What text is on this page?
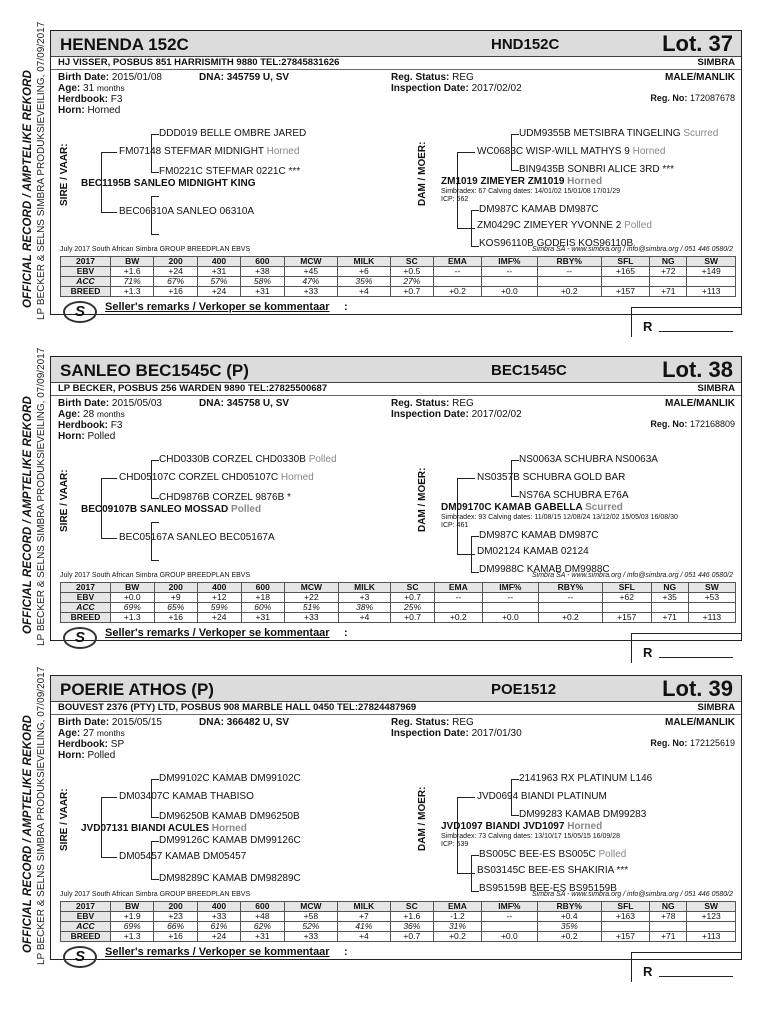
OFFICIAL RECORD / AMPTELIKE REKORD LP BECKER & SELNS SIMBRA PRODUKSIEVEILING, 07/09/2017 HENENDA 152C	HND152C	Lot. 37
HJ VISSER, POSBUS 851 HARRISMITH 9880 TEL:27845831626	SIMBRA
Birth Date: 2015/01/08	DNA: 345759 U, SV
Age: 31 months
Herdbook: F3
Horn: Horned
Reg. Status: REG
Inspection Date: 2017/02/02
MALE/MANLIK
Reg. No: 172087678
SIRE / VAAR:	DAM / MOER:
DDD019 BELLE OMBRE JARED
FM07148 STEFMAR MIDNIGHT Horned
FM0221C STEFMAR 0221C ***
BEC1195B SANLEO MIDNIGHT KING
BEC06310A SANLEO 06310A
UDM9355B METSIBRA TINGELING Scurred
WC0683C WISP-WILL MATHYS 9 Horned
BIN9435B SONBRI ALICE 3RD ***
ZM1019 ZIMEYER ZM1019 Horned
Simbradex: 67 Calving dates: 14/01/02 15/01/08 17/01/29
ICP: 562
DM987C KAMAB DM987C
ZM0429C ZIMEYER YVONNE 2 Polled
KOS96110B GODEIS KOS96110B
July 2017 South African Simbra GROUP BREEDPLAN EBVS	Simbra SA - www.simbra.org / info@simbra.org / 051 446 0580/2
2017	BW	200	400	600	MCW	MILK	SC	EMA	IMF%	RBY%	SFL	NG	SW
EBV	+1.6	+24	+31	+38	+45	+6	+0.5	--	--	--	+165	+72	+149
ACC	71%	67%	57%	58%	47%	35%	27%						
BREED	+1.3	+16	+24	+31	+33	+4	+0.7	+0.2	+0.0	+0.2	+157	+71	+113
S	Seller's remarks / Verkoper se kommentaar :
R
OFFICIAL RECORD / AMPTELIKE REKORD LP BECKER & SELNS SIMBRA PRODUKSIEVEILING, 07/09/2017 SANLEO BEC1545C (P)	BEC1545C	Lot. 38
LP BECKER, POSBUS 256 WARDEN 9890 TEL:27825500687	SIMBRA
Birth Date: 2015/05/03	DNA: 345758 U, SV
Age: 28 months
Herdbook: F3
Horn: Polled
Reg. Status: REG
Inspection Date: 2017/02/02
MALE/MANLIK
Reg. No: 172168809
SIRE / VAAR:	DAM / MOER:
CHD0330B CORZEL CHD0330B Polled
CHD05107C CORZEL CHD05107C Horned
CHD9876B CORZEL 9876B *
BEC09107B SANLEO MOSSAD Polled
BEC05167A SANLEO BEC05167A
NS0063A SCHUBRA NS0063A
NS0357B SCHUBRA GOLD BAR
NS76A SCHUBRA E76A
DM09170C KAMAB GABELLA Scurred
Simbradex: 93 Calving dates: 11/08/15 12/08/24 13/12/02 15/05/03 16/08/30
ICP: 461
DM987C KAMAB DM987C
DM02124 KAMAB 02124
DM9988C KAMAB DM9988C
July 2017 South African Simbra GROUP BREEDPLAN EBVS	Simbra SA - www.simbra.org / info@simbra.org / 051 446 0580/2
2017	BW	200	400	600	MCW	MILK	SC	EMA	IMF%	RBY%	SFL	NG	SW
EBV	+0.0	+9	+12	+18	+22	+3	+0.7	--	--	--	+62	+35	+53
ACC	69%	65%	59%	60%	51%	38%	25%						
BREED	+1.3	+16	+24	+31	+33	+4	+0.7	+0.2	+0.0	+0.2	+157	+71	+113
S	Seller's remarks / Verkoper se kommentaar :
R
OFFICIAL RECORD / AMPTELIKE REKORD LP BECKER & SELNS SIMBRA PRODUKSIEVEILING, 07/09/2017 POERIE ATHOS (P)	POE1512	Lot. 39
BOUVEST 2376 (PTY) LTD, POSBUS 908 MARBLE HALL 0450 TEL:27824487969	SIMBRA
Birth Date: 2015/05/15	DNA: 366482 U, SV
Age: 27 months
Herdbook: SP
Horn: Polled
Reg. Status: REG
Inspection Date: 2017/01/30
MALE/MANLIK
Reg. No: 172125619
SIRE / VAAR:	DAM / MOER:
DM99102C KAMAB DM99102C
DM03407C KAMAB THABISO
DM96250B KAMAB DM96250B
JVD07131 BIANDI ACULES Horned
DM99126C KAMAB DM99126C
DM05457 KAMAB DM05457
DM98289C KAMAB DM98289C
2141963 RX PLATINUM L146
JVD0694 BIANDI PLATINUM
DM99283 KAMAB DM99283
JVD1097 BIANDI JVD1097 Horned
Simbradex: 73 Calving dates: 13/10/17 15/05/15 16/09/28
ICP: 539
BS005C BEE-ES BS005C Polled
BS03145C BEE-ES SHAKIRIA ***
BS95159B BEE-ES BS95159B
July 2017 South African Simbra GROUP BREEDPLAN EBVS	Simbra SA - www.simbra.org / info@simbra.org / 051 446 0580/2
2017	BW	200	400	600	MCW	MILK	SC	EMA	IMF%	RBY%	SFL	NG	SW
EBV	+1.9	+23	+33	+48	+58	+7	+1.6	-1.2	--	+0.4	+163	+78	+123
ACC	69%	66%	61%	62%	52%	41%	36%	31%		35%			
BREED	+1.3	+16	+24	+31	+33	+4	+0.7	+0.2	+0.0	+0.2	+157	+71	+113
S	Seller's remarks / Verkoper se kommentaar :
R
